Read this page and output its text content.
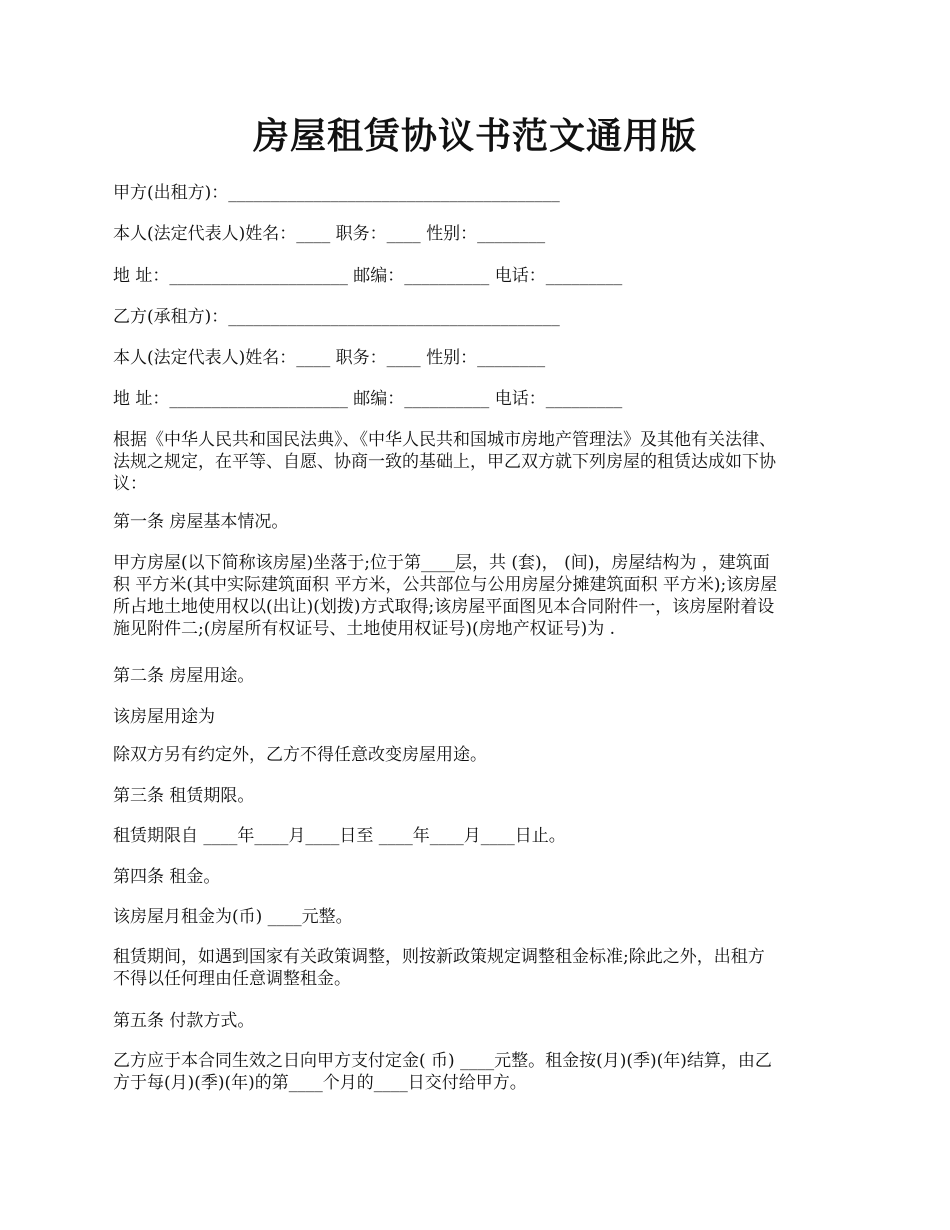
房屋租赁协议书范文通用版

甲方(出租方)：_______________________________________

本人(法定代表人)姓名：____ 职务：____ 性别：________

地 址：_____________________ 邮编：__________ 电话：_________

乙方(承租方)：_______________________________________

本人(法定代表人)姓名：____ 职务：____ 性别：________

地 址：_____________________ 邮编：__________ 电话：_________

根据《中华人民共和国民法典》、《中华人民共和国城市房地产管理法》及其他有关法律、
法规之规定，在平等、自愿、协商一致的基础上，甲乙双方就下列房屋的租赁达成如下协
议：

第一条 房屋基本情况。

甲方房屋(以下简称该房屋)坐落于;位于第____层，共 (套)， (间)，房屋结构为 ，建筑面
积 平方米(其中实际建筑面积 平方米，公共部位与公用房屋分摊建筑面积 平方米);该房屋
所占地土地使用权以(出让)(划拨)方式取得;该房屋平面图见本合同附件一，该房屋附着设
施见附件二;(房屋所有权证号、土地使用权证号)(房地产权证号)为 .

第二条 房屋用途。

该房屋用途为

除双方另有约定外，乙方不得任意改变房屋用途。

第三条 租赁期限。

租赁期限自 ____年____月____日至 ____年____月____日止。

第四条 租金。

该房屋月租金为(币) ____元整。

租赁期间，如遇到国家有关政策调整，则按新政策规定调整租金标准;除此之外，出租方
不得以任何理由任意调整租金。

第五条 付款方式。

乙方应于本合同生效之日向甲方支付定金( 币) ____元整。租金按(月)(季)(年)结算，由乙
方于每(月)(季)(年)的第____个月的____日交付给甲方。
